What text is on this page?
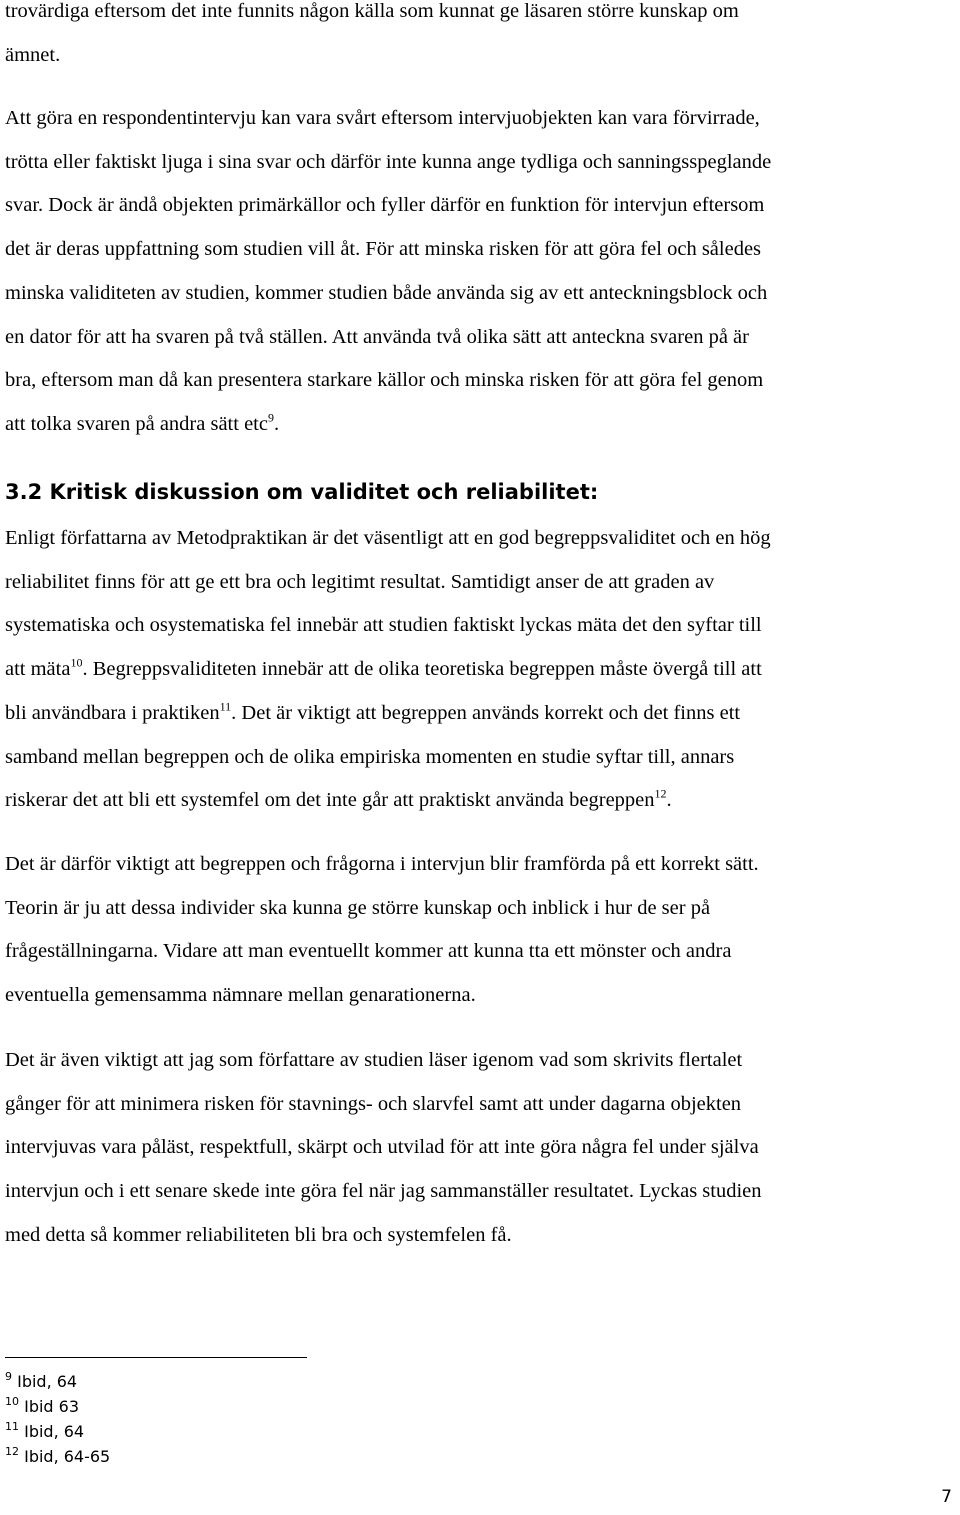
trovärdiga eftersom det inte funnits någon källa som kunnat ge läsaren större kunskap om
ämnet.

Att göra en respondentintervju kan vara svårt eftersom intervjuobjekten kan vara förvirrade,
trötta eller faktiskt ljuga i sina svar och därför inte kunna ange tydliga och sanningsspeglande
svar. Dock är ändå objekten primärkällor och fyller därför en funktion för intervjun eftersom
det är deras uppfattning som studien vill åt. För att minska risken för att göra fel och således
minska validiteten av studien, kommer studien både använda sig av ett anteckningsblock och
en dator för att ha svaren på två ställen. Att använda två olika sätt att anteckna svaren på är
bra, eftersom man då kan presentera starkare källor och minska risken för att göra fel genom
att tolka svaren på andra sätt etc$^9$.

3.2 Kritisk diskussion om validitet och reliabilitet:

Enligt författarna av Metodpraktikan är det väsentligt att en god begreppsvaliditet och en hög
reliabilitet finns för att ge ett bra och legitimt resultat. Samtidigt anser de att graden av
systematiska och osystematiska fel innebär att studien faktiskt lyckas mäta det den syftar till
att mäta$^{10}$. Begreppsvaliditeten innebär att de olika teoretiska begreppen måste övergå till att
bli användbara i praktiken$^{11}$. Det är viktigt att begreppen används korrekt och det finns ett
samband mellan begreppen och de olika empiriska momenten en studie syftar till, annars
riskerar det att bli ett systemfel om det inte går att praktiskt använda begreppen$^{12}$.

Det är därför viktigt att begreppen och frågorna i intervjun blir framförda på ett korrekt sätt.
Teorin är ju att dessa individer ska kunna ge större kunskap och inblick i hur de ser på
frågeställningarna. Vidare att man eventuellt kommer att kunna tta ett mönster och andra
eventuella gemensamma nämnare mellan genarationerna.

Det är även viktigt att jag som författare av studien läser igenom vad som skrivits flertalet
gånger för att minimera risken för stavnings- och slarvfel samt att under dagarna objekten
intervjuvas vara påläst, respektfull, skärpt och utvilad för att inte göra några fel under själva
intervjun och i ett senare skede inte göra fel när jag sammanställer resultatet. Lyckas studien
med detta så kommer reliabiliteten bli bra och systemfelen få.

$^9$ Ibid, 64
$^{10}$ Ibid 63
$^{11}$ Ibid, 64
$^{12}$ Ibid, 64-65
7
